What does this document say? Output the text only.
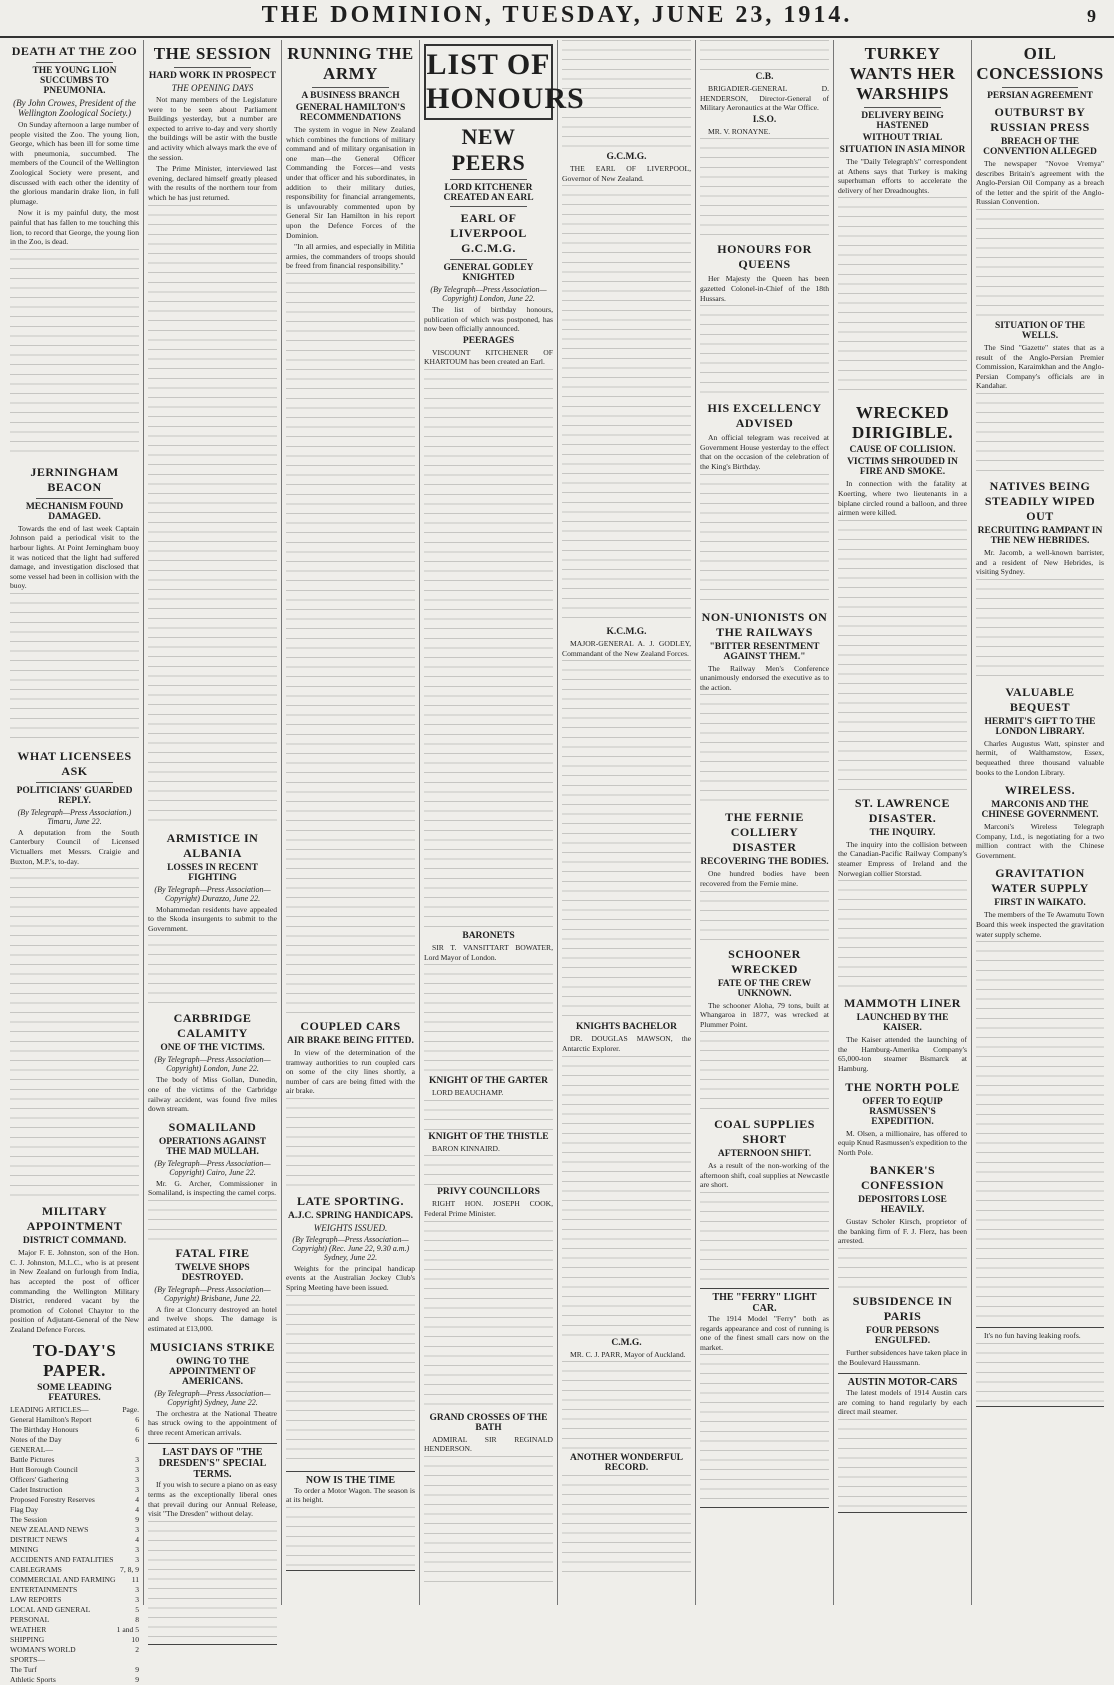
THE DOMINION, TUESDAY, JUNE 23, 1914.	9
DEATH AT THE ZOO
THE YOUNG LION SUCCUMBS TO PNEUMONIA.
(By John Crowes, President of the Wellington Zoological Society.)

On Sunday afternoon a large number of people visited the Zoo. The young lion, George, which has been ill for some time with pneumonia, succumbed. The members of the Council of the Wellington Zoological Society were present, and discussed with each other the identity of the glorious mandarin drake lion, in full plumage.

Now it is my painful duty, the most painful that has fallen to me touching this lion, to record that George, the young lion in the Zoo, is dead.

JERNINGHAM BEACON
MECHANISM FOUND DAMAGED.

Towards the end of last week Captain Johnson paid a periodical visit to the harbour lights. At Point Jerningham buoy it was noticed that the light had suffered damage, and investigation disclosed that some vessel had been in collision with the buoy.

WHAT LICENSEES ASK
POLITICIANS' GUARDED REPLY.
(By Telegraph—Press Association.) Timaru, June 22.

A deputation from the South Canterbury Council of Licensed Victuallers met Messrs. Craigie and Buxton, M.P.'s, to-day.

MILITARY APPOINTMENT
DISTRICT COMMAND.

Major F. E. Johnston, son of the Hon. C. J. Johnston, M.L.C., who is at present in New Zealand on furlough from India, has accepted the post of officer commanding the Wellington Military District, rendered vacant by the promotion of Colonel Chaytor to the position of Adjutant-General of the New Zealand Defence Forces.

TO-DAY'S PAPER.
SOME LEADING FEATURES.
LEADING ARTICLES—	Page.
General Hamilton's Report	6
The Birthday Honours	6
Notes of the Day	6
GENERAL—
Battle Pictures	3
Hutt Borough Council	3
Officers' Gathering	3
Cadet Instruction	3
Proposed Forestry Reserves	4
Flag Day	4
The Session	9
NEW ZEALAND NEWS	3
DISTRICT NEWS	4
MINING	3
ACCIDENTS AND FATALITIES	3
CABLEGRAMS	7, 8, 9
COMMERCIAL AND FARMING 11
ENTERTAINMENTS	3
LAW REPORTS	3
LOCAL AND GENERAL	5
PERSONAL	8
WEATHER	1 and 5
SHIPPING	10
WOMAN'S WORLD	2
SPORTS—
The Turf	9
Athletic Sports	9
THE SESSION
HARD WORK IN PROSPECT
THE OPENING DAYS

Not many members of the Legislature were to be seen about Parliament Buildings yesterday, but a number are expected to arrive to-day and very shortly the buildings will be astir with the bustle and activity which always mark the eve of the session.

The Prime Minister, interviewed last evening, declared himself greatly pleased with the results of the northern tour from which he has just returned.

ARMISTICE IN ALBANIA
LOSSES IN RECENT FIGHTING
(By Telegraph—Press Association—Copyright) Durazzo, June 22.

Mohammedan residents have appealed to the Skoda insurgents to submit to the Government.

CARBRIDGE CALAMITY
ONE OF THE VICTIMS.
(By Telegraph—Press Association—Copyright) London, June 22.

The body of Miss Gollan, Dunedin, one of the victims of the Carbridge railway accident, was found five miles down stream.

SOMALILAND
OPERATIONS AGAINST THE MAD MULLAH.
(By Telegraph—Press Association—Copyright) Cairo, June 22.

Mr. G. Archer, Commissioner in Somaliland, is inspecting the camel corps.

FATAL FIRE
TWELVE SHOPS DESTROYED.
(By Telegraph—Press Association—Copyright) Brisbane, June 22.

A fire at Cloncurry destroyed an hotel and twelve shops. The damage is estimated at £13,000.

MUSICIANS STRIKE
OWING TO THE APPOINTMENT OF AMERICANS.
(By Telegraph—Press Association—Copyright) Sydney, June 22.

The orchestra at the National Theatre has struck owing to the appointment of three recent American arrivals.

LAST DAYS OF "THE DRESDEN'S" SPECIAL TERMS.

If you wish to secure a piano on as easy terms as the exceptionally liberal ones that prevail during our Annual Release, visit "The Dresden" without delay.

RUNNING THE ARMY
A BUSINESS BRANCH
GENERAL HAMILTON'S RECOMMENDATIONS

The system in vogue in New Zealand which combines the functions of military command and of military organisation in one man—the General Officer Commanding the Forces—and vests under that officer and his subordinates, in addition to their military duties, responsibility for financial arrangements, is unfavourably commented upon by General Sir Ian Hamilton in his report upon the Defence Forces of the Dominion.

"In all armies, and especially in Militia armies, the commanders of troops should be freed from financial responsibility."

COUPLED CARS
AIR BRAKE BEING FITTED.

In view of the determination of the tramway authorities to run coupled cars on some of the city lines shortly, a number of cars are being fitted with the air brake.

LATE SPORTING.
A.J.C. SPRING HANDICAPS.
WEIGHTS ISSUED.
(By Telegraph—Press Association—Copyright) (Rec. June 22, 9.30 a.m.) Sydney, June 22.

Weights for the principal handicap events at the Australian Jockey Club's Spring Meeting have been issued.

NOW IS THE TIME

To order a Motor Wagon. The season is at its height.

LIST OF HONOURS
NEW PEERS
LORD KITCHENER CREATED AN EARL
EARL OF LIVERPOOL G.C.M.G.
GENERAL GODLEY KNIGHTED
(By Telegraph—Press Association—Copyright) London, June 22.

The list of birthday honours, publication of which was postponed, has now been officially announced.

PEERAGES

VISCOUNT KITCHENER OF KHARTOUM has been created an Earl.

BARONETS

SIR T. VANSITTART BOWATER, Lord Mayor of London.

KNIGHT OF THE GARTER

LORD BEAUCHAMP.

KNIGHT OF THE THISTLE

BARON KINNAIRD.

PRIVY COUNCILLORS

RIGHT HON. JOSEPH COOK, Federal Prime Minister.

GRAND CROSSES OF THE BATH

ADMIRAL SIR REGINALD HENDERSON.

G.C.M.G.

THE EARL OF LIVERPOOL, Governor of New Zealand.

K.C.M.G.

MAJOR-GENERAL A. J. GODLEY, Commandant of the New Zealand Forces.

KNIGHTS BACHELOR

DR. DOUGLAS MAWSON, the Antarctic Explorer.

C.M.G.

MR. C. J. PARR, Mayor of Auckland.

ANOTHER WONDERFUL RECORD.
C.B.

BRIGADIER-GENERAL D. HENDERSON, Director-General of Military Aeronautics at the War Office.

I.S.O.

MR. V. RONAYNE.

HONOURS FOR QUEENS

Her Majesty the Queen has been gazetted Colonel-in-Chief of the 18th Hussars.

HIS EXCELLENCY ADVISED

An official telegram was received at Government House yesterday to the effect that on the occasion of the celebration of the King's Birthday.

NON-UNIONISTS ON THE RAILWAYS
"BITTER RESENTMENT AGAINST THEM."

The Railway Men's Conference unanimously endorsed the executive as to the action.

THE FERNIE COLLIERY DISASTER
RECOVERING THE BODIES.

One hundred bodies have been recovered from the Fernie mine.

SCHOONER WRECKED
FATE OF THE CREW UNKNOWN.

The schooner Aloha, 79 tons, built at Whangaroa in 1877, was wrecked at Plummer Point.

COAL SUPPLIES SHORT
AFTERNOON SHIFT.

As a result of the non-working of the afternoon shift, coal supplies at Newcastle are short.

THE "FERRY" LIGHT CAR.

The 1914 Model "Ferry" both as regards appearance and cost of running is one of the finest small cars now on the market.

TURKEY WANTS HER WARSHIPS
DELIVERY BEING HASTENED
WITHOUT TRIAL
SITUATION IN ASIA MINOR

The "Daily Telegraph's" correspondent at Athens says that Turkey is making superhuman efforts to accelerate the delivery of her Dreadnoughts.

WRECKED DIRIGIBLE.
CAUSE OF COLLISION.
VICTIMS SHROUDED IN FIRE AND SMOKE.

In connection with the fatality at Koerting, where two lieutenants in a biplane circled round a balloon, and three airmen were killed.

ST. LAWRENCE DISASTER.
THE INQUIRY.

The inquiry into the collision between the Canadian-Pacific Railway Company's steamer Empress of Ireland and the Norwegian collier Storstad.

MAMMOTH LINER
LAUNCHED BY THE KAISER.

The Kaiser attended the launching of the Hamburg-Amerika Company's 65,000-ton steamer Bismarck at Hamburg.

THE NORTH POLE
OFFER TO EQUIP RASMUSSEN'S EXPEDITION.

M. Olsen, a millionaire, has offered to equip Knud Rasmussen's expedition to the North Pole.

BANKER'S CONFESSION
DEPOSITORS LOSE HEAVILY.

Gustav Scholer Kirsch, proprietor of the banking firm of F. J. Flerz, has been arrested.

SUBSIDENCE IN PARIS
FOUR PERSONS ENGULFED.

Further subsidences have taken place in the Boulevard Haussmann.

AUSTIN MOTOR-CARS

The latest models of 1914 Austin cars are coming to hand regularly by each direct mail steamer.

OIL CONCESSIONS
PERSIAN AGREEMENT
OUTBURST BY RUSSIAN PRESS
BREACH OF THE CONVENTION ALLEGED

The newspaper "Novoe Vremya" describes Britain's agreement with the Anglo-Persian Oil Company as a breach of the letter and the spirit of the Anglo-Russian Convention.

SITUATION OF THE WELLS.

The Sind "Gazette" states that as a result of the Anglo-Persian Premier Commission, Karaimkhan and the Anglo-Persian Company's officials are in Kandahar.

NATIVES BEING STEADILY WIPED OUT
RECRUITING RAMPANT IN THE NEW HEBRIDES.

Mr. Jacomb, a well-known barrister, and a resident of New Hebrides, is visiting Sydney.

VALUABLE BEQUEST
HERMIT'S GIFT TO THE LONDON LIBRARY.

Charles Augustus Watt, spinster and hermit, of Walthamstow, Essex, bequeathed three thousand valuable books to the London Library.

WIRELESS.
MARCONIS AND THE CHINESE GOVERNMENT.

Marconi's Wireless Telegraph Company, Ltd., is negotiating for a two million contract with the Chinese Government.

GRAVITATION WATER SUPPLY
FIRST IN WAIKATO.

The members of the Te Awamutu Town Board this week inspected the gravitation water supply scheme.

It's no fun having leaking roofs.
